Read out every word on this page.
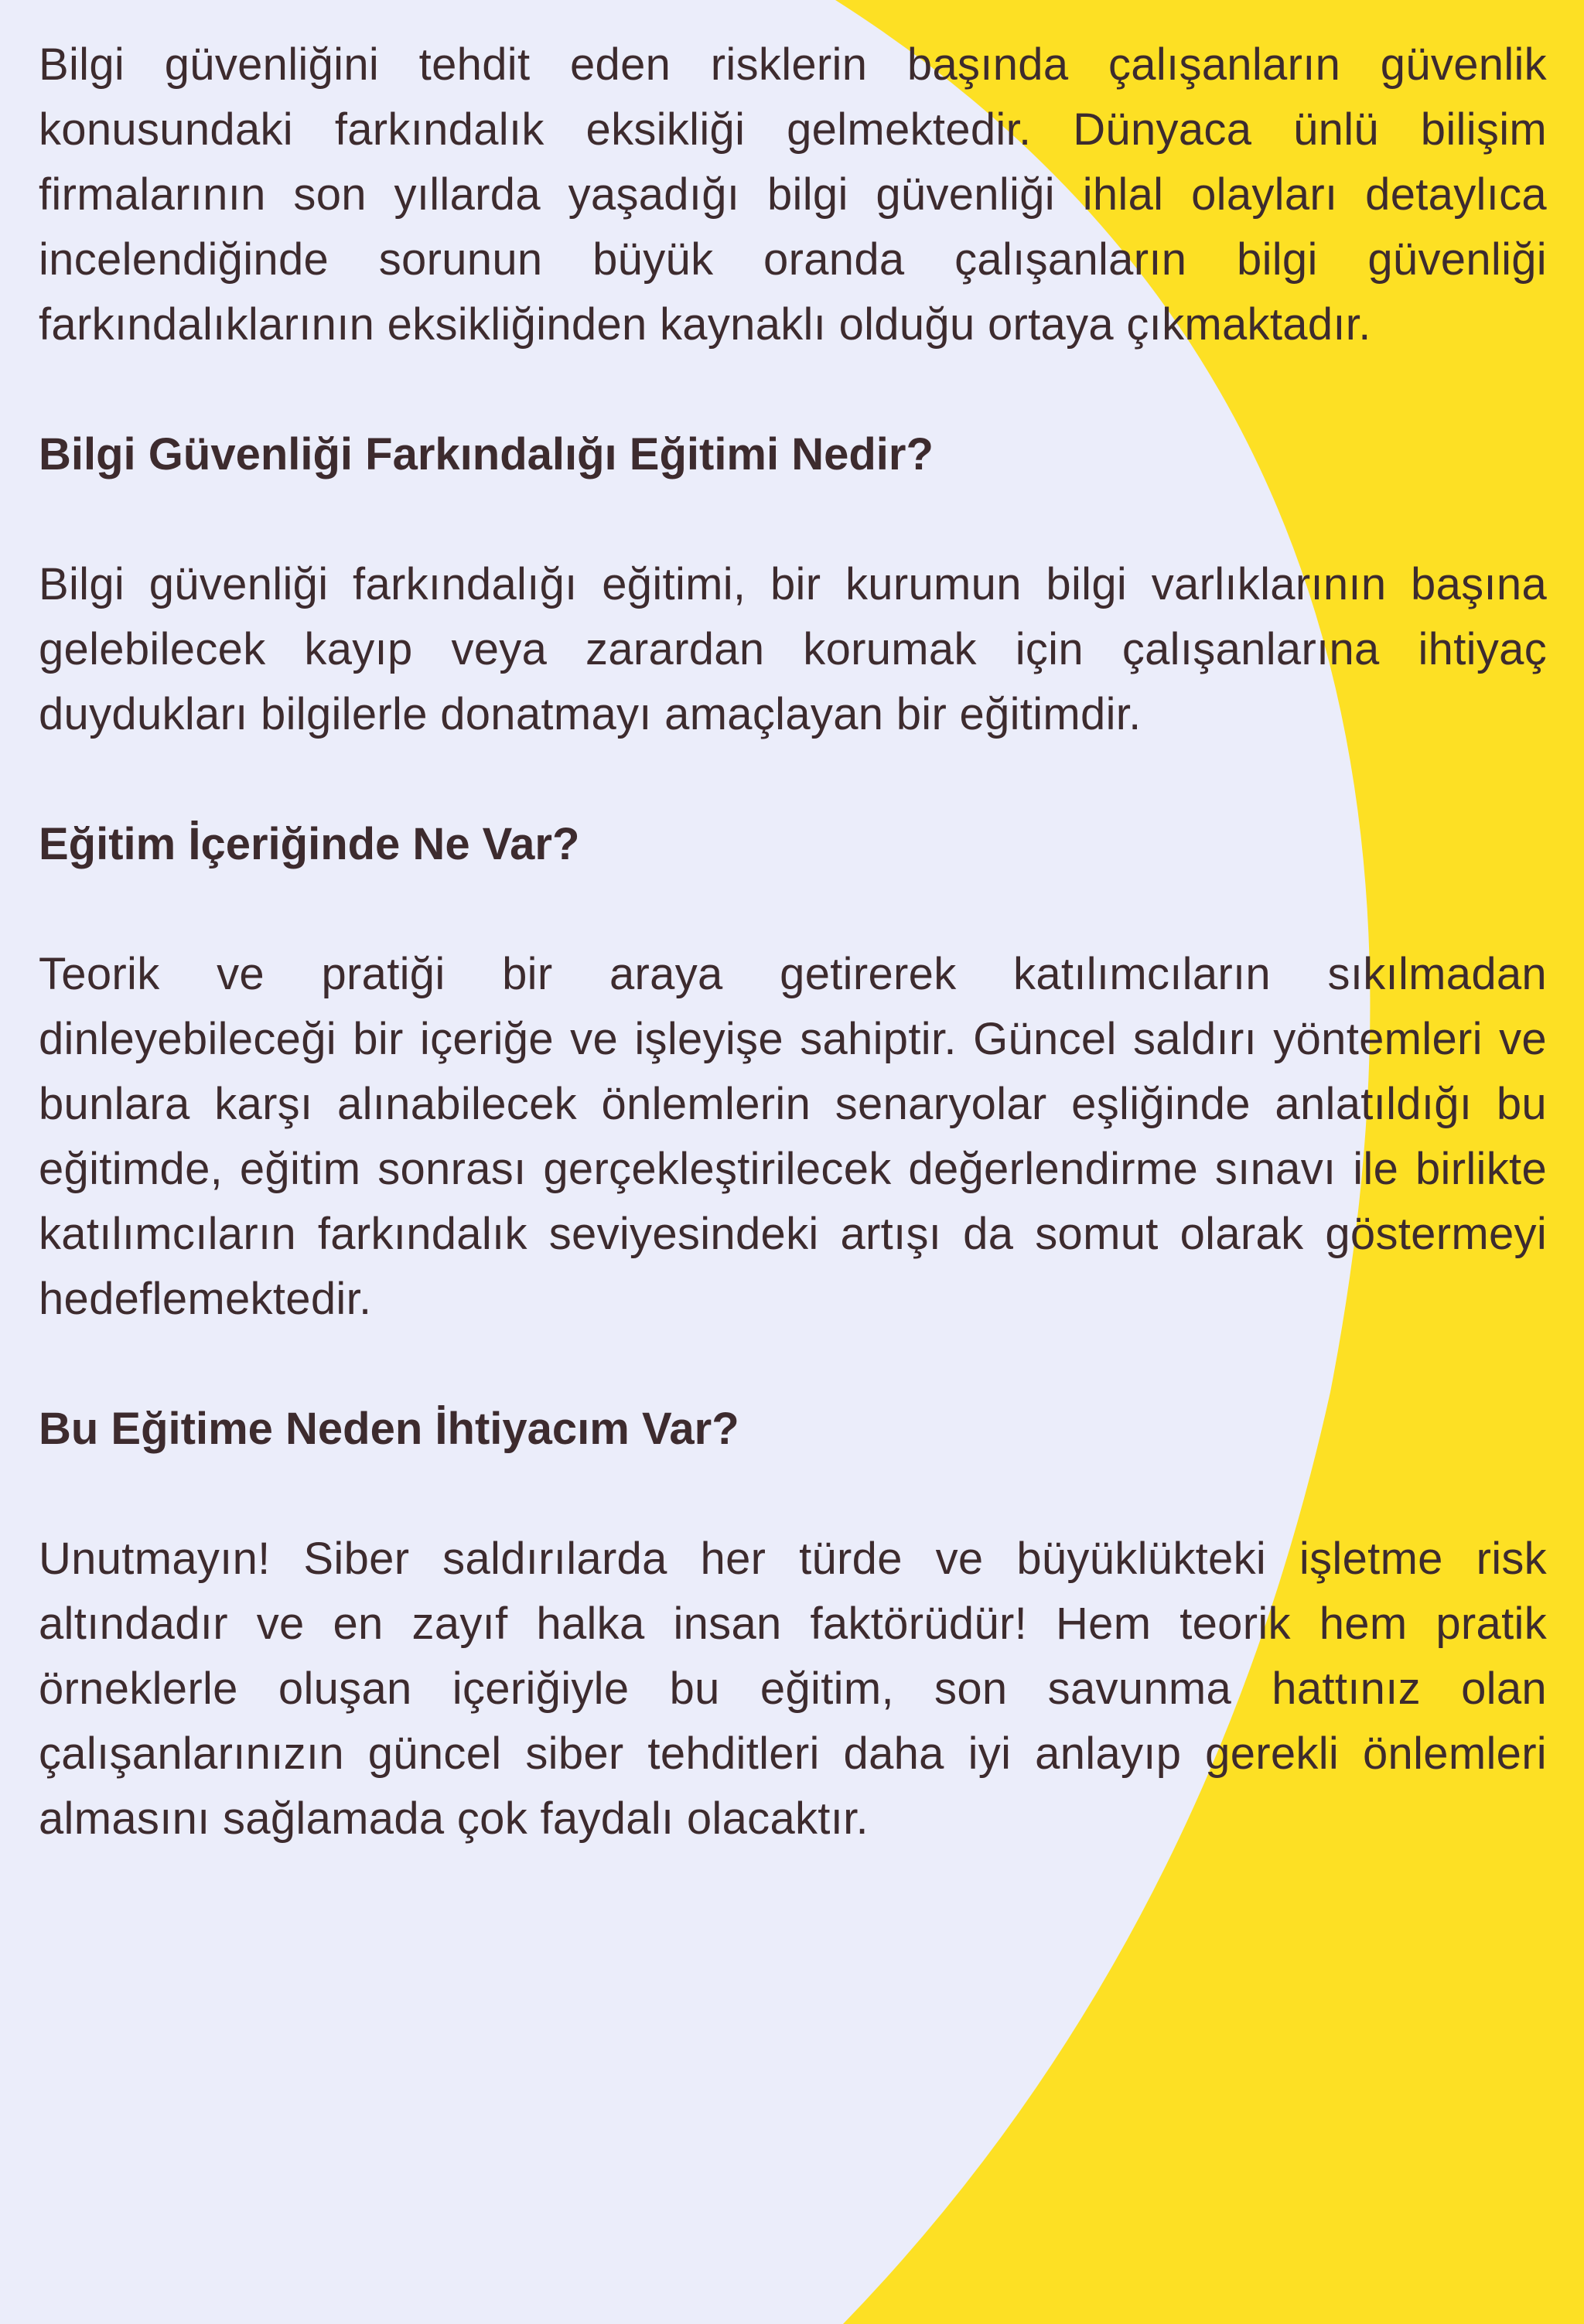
Bilgi güvenliğini tehdit eden risklerin başında çalışanların güvenlik konusundaki farkındalık eksikliği gelmektedir. Dünyaca ünlü bilişim firmalarının son yıllarda yaşadığı bilgi güvenliği ihlal olayları detaylıca incelendiğinde sorunun büyük oranda çalışanların bilgi güvenliği farkındalıklarının eksikliğinden kaynaklı olduğu ortaya çıkmaktadır.

Bilgi Güvenliği Farkındalığı Eğitimi Nedir?

Bilgi güvenliği farkındalığı eğitimi, bir kurumun bilgi varlıklarının başına gelebilecek kayıp veya zarardan korumak için çalışanlarına ihtiyaç duydukları bilgilerle donatmayı amaçlayan bir eğitimdir.

Eğitim İçeriğinde Ne Var?

Teorik ve pratiği bir araya getirerek katılımcıların sıkılmadan dinleyebileceği bir içeriğe ve işleyişe sahiptir. Güncel saldırı yöntemleri ve bunlara karşı alınabilecek önlemlerin senaryolar eşliğinde anlatıldığı bu eğitimde, eğitim sonrası gerçekleştirilecek değerlendirme sınavı ile birlikte katılımcıların farkındalık seviyesindeki artışı da somut olarak göstermeyi hedeflemektedir.

Bu Eğitime Neden İhtiyacım Var?

Unutmayın! Siber saldırılarda her türde ve büyüklükteki işletme risk altındadır ve en zayıf halka insan faktörüdür! Hem teorik hem pratik örneklerle oluşan içeriğiyle bu eğitim, son savunma hattınız olan çalışanlarınızın güncel siber tehditleri daha iyi anlayıp gerekli önlemleri almasını sağlamada çok faydalı olacaktır.
